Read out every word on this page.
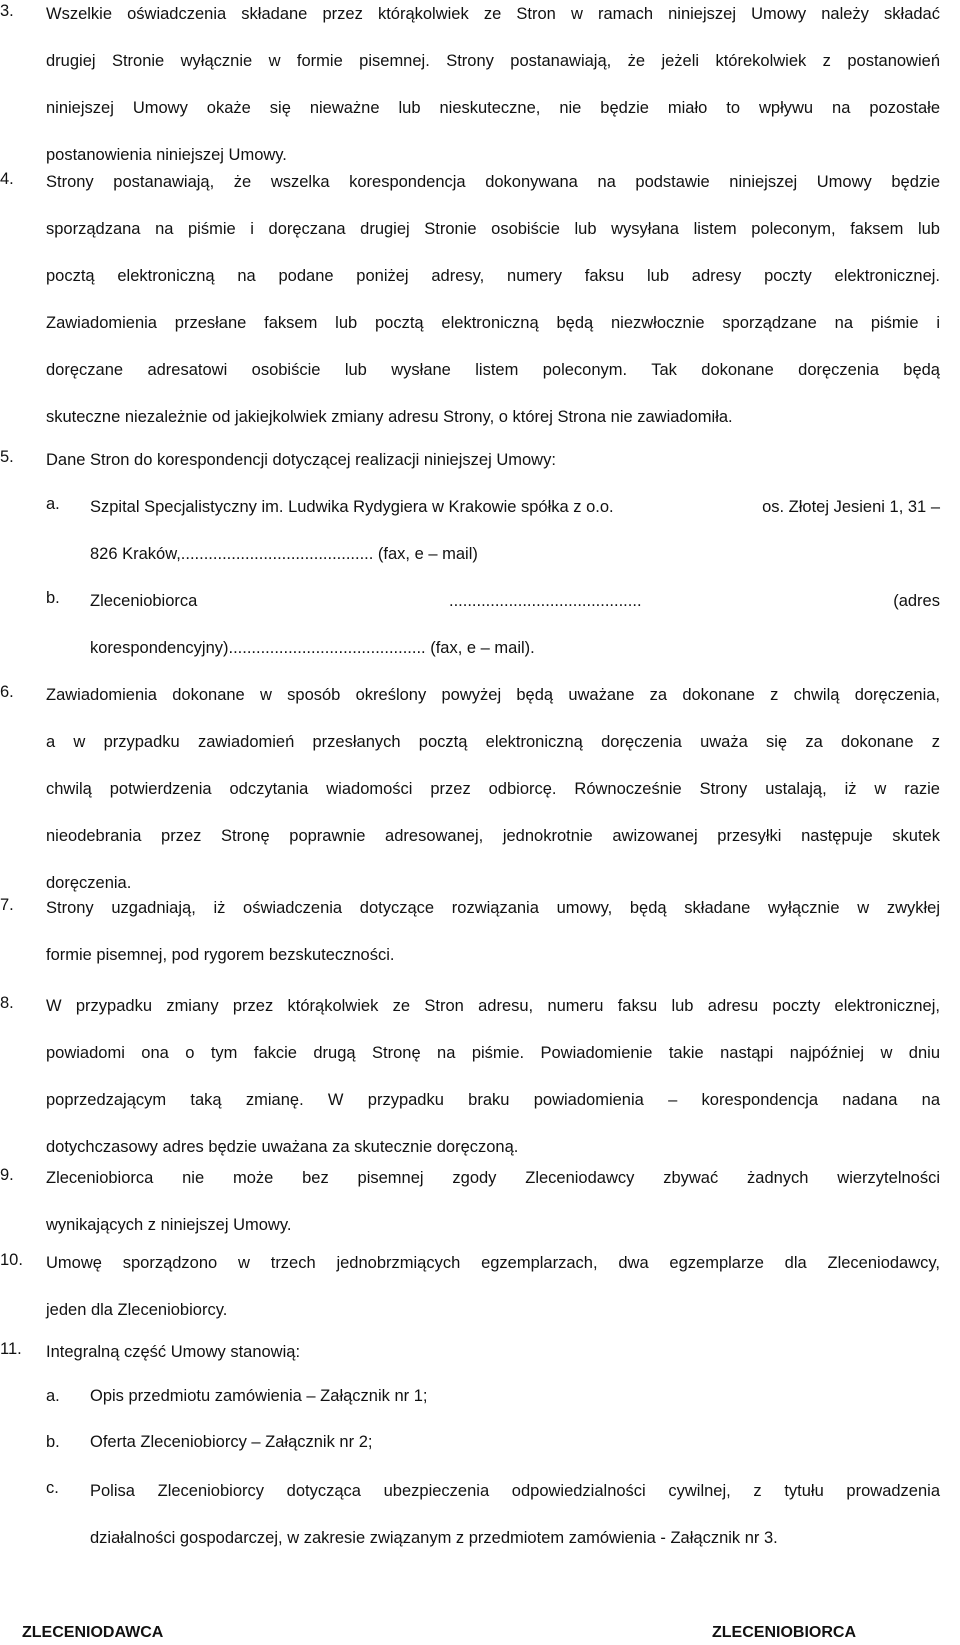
3. Wszelkie oświadczenia składane przez którąkolwiek ze Stron w ramach niniejszej Umowy należy składać
drugiej Stronie wyłącznie w formie pisemnej. Strony postanawiają, że jeżeli którekolwiek z postanowień
niniejszej Umowy okaże się nieważne lub nieskuteczne, nie będzie miało to wpływu na pozostałe
postanowienia niniejszej Umowy.
4. Strony postanawiają, że wszelka korespondencja dokonywana na podstawie niniejszej Umowy będzie
sporządzana na piśmie i doręczana drugiej Stronie osobiście lub wysyłana listem poleconym, faksem lub
pocztą elektroniczną na podane poniżej adresy, numery faksu lub adresy poczty elektronicznej.
Zawiadomienia przesłane faksem lub pocztą elektroniczną będą niezwłocznie sporządzane na piśmie i
doręczane adresatowi osobiście lub wysłane listem poleconym. Tak dokonane doręczenia będą
skuteczne niezależnie od jakiejkolwiek zmiany adresu Strony, o której Strona nie zawiadomiła.
5. Dane Stron do korespondencji dotyczącej realizacji niniejszej Umowy:
a. Szpital Specjalistyczny im. Ludwika Rydygiera w Krakowie spółka z o.o.	os. Złotej Jesieni 1, 31 –
826 Kraków,.......................................... (fax, e – mail)
b. Zleceniobiorca	..........................................	(adres
korespondencyjny)........................................... (fax, e – mail).
6. Zawiadomienia dokonane w sposób określony powyżej będą uważane za dokonane z chwilą doręczenia,
a w przypadku zawiadomień przesłanych pocztą elektroniczną doręczenia uważa się za dokonane z
chwilą potwierdzenia odczytania wiadomości przez odbiorcę. Równocześnie Strony ustalają, iż w razie
nieodebrania przez Stronę poprawnie adresowanej, jednokrotnie awizowanej przesyłki następuje skutek
doręczenia.
7. Strony uzgadniają, iż oświadczenia dotyczące rozwiązania umowy, będą składane wyłącznie w zwykłej
formie pisemnej, pod rygorem bezskuteczności.
8. W przypadku zmiany przez którąkolwiek ze Stron adresu, numeru faksu lub adresu poczty elektronicznej,
powiadomi ona o tym fakcie drugą Stronę na piśmie. Powiadomienie takie nastąpi najpóźniej w dniu
poprzedzającym taką zmianę. W przypadku braku powiadomienia – korespondencja nadana na
dotychczasowy adres będzie uważana za skutecznie doręczoną.
9. Zleceniobiorca nie może bez pisemnej zgody Zleceniodawcy zbywać żadnych wierzytelności
wynikających z niniejszej Umowy.
10. Umowę sporządzono w trzech jednobrzmiących egzemplarzach, dwa egzemplarze dla Zleceniodawcy,
jeden dla Zleceniobiorcy.
11. Integralną część Umowy stanowią:
a. Opis przedmiotu zamówienia – Załącznik nr 1;
b. Oferta Zleceniobiorcy – Załącznik nr 2;
c. Polisa Zleceniobiorcy dotycząca ubezpieczenia odpowiedzialności cywilnej, z tytułu prowadzenia
działalności gospodarczej, w zakresie związanym z przedmiotem zamówienia - Załącznik nr 3.
ZLECENIODAWCA	ZLECENIOBIORCA
